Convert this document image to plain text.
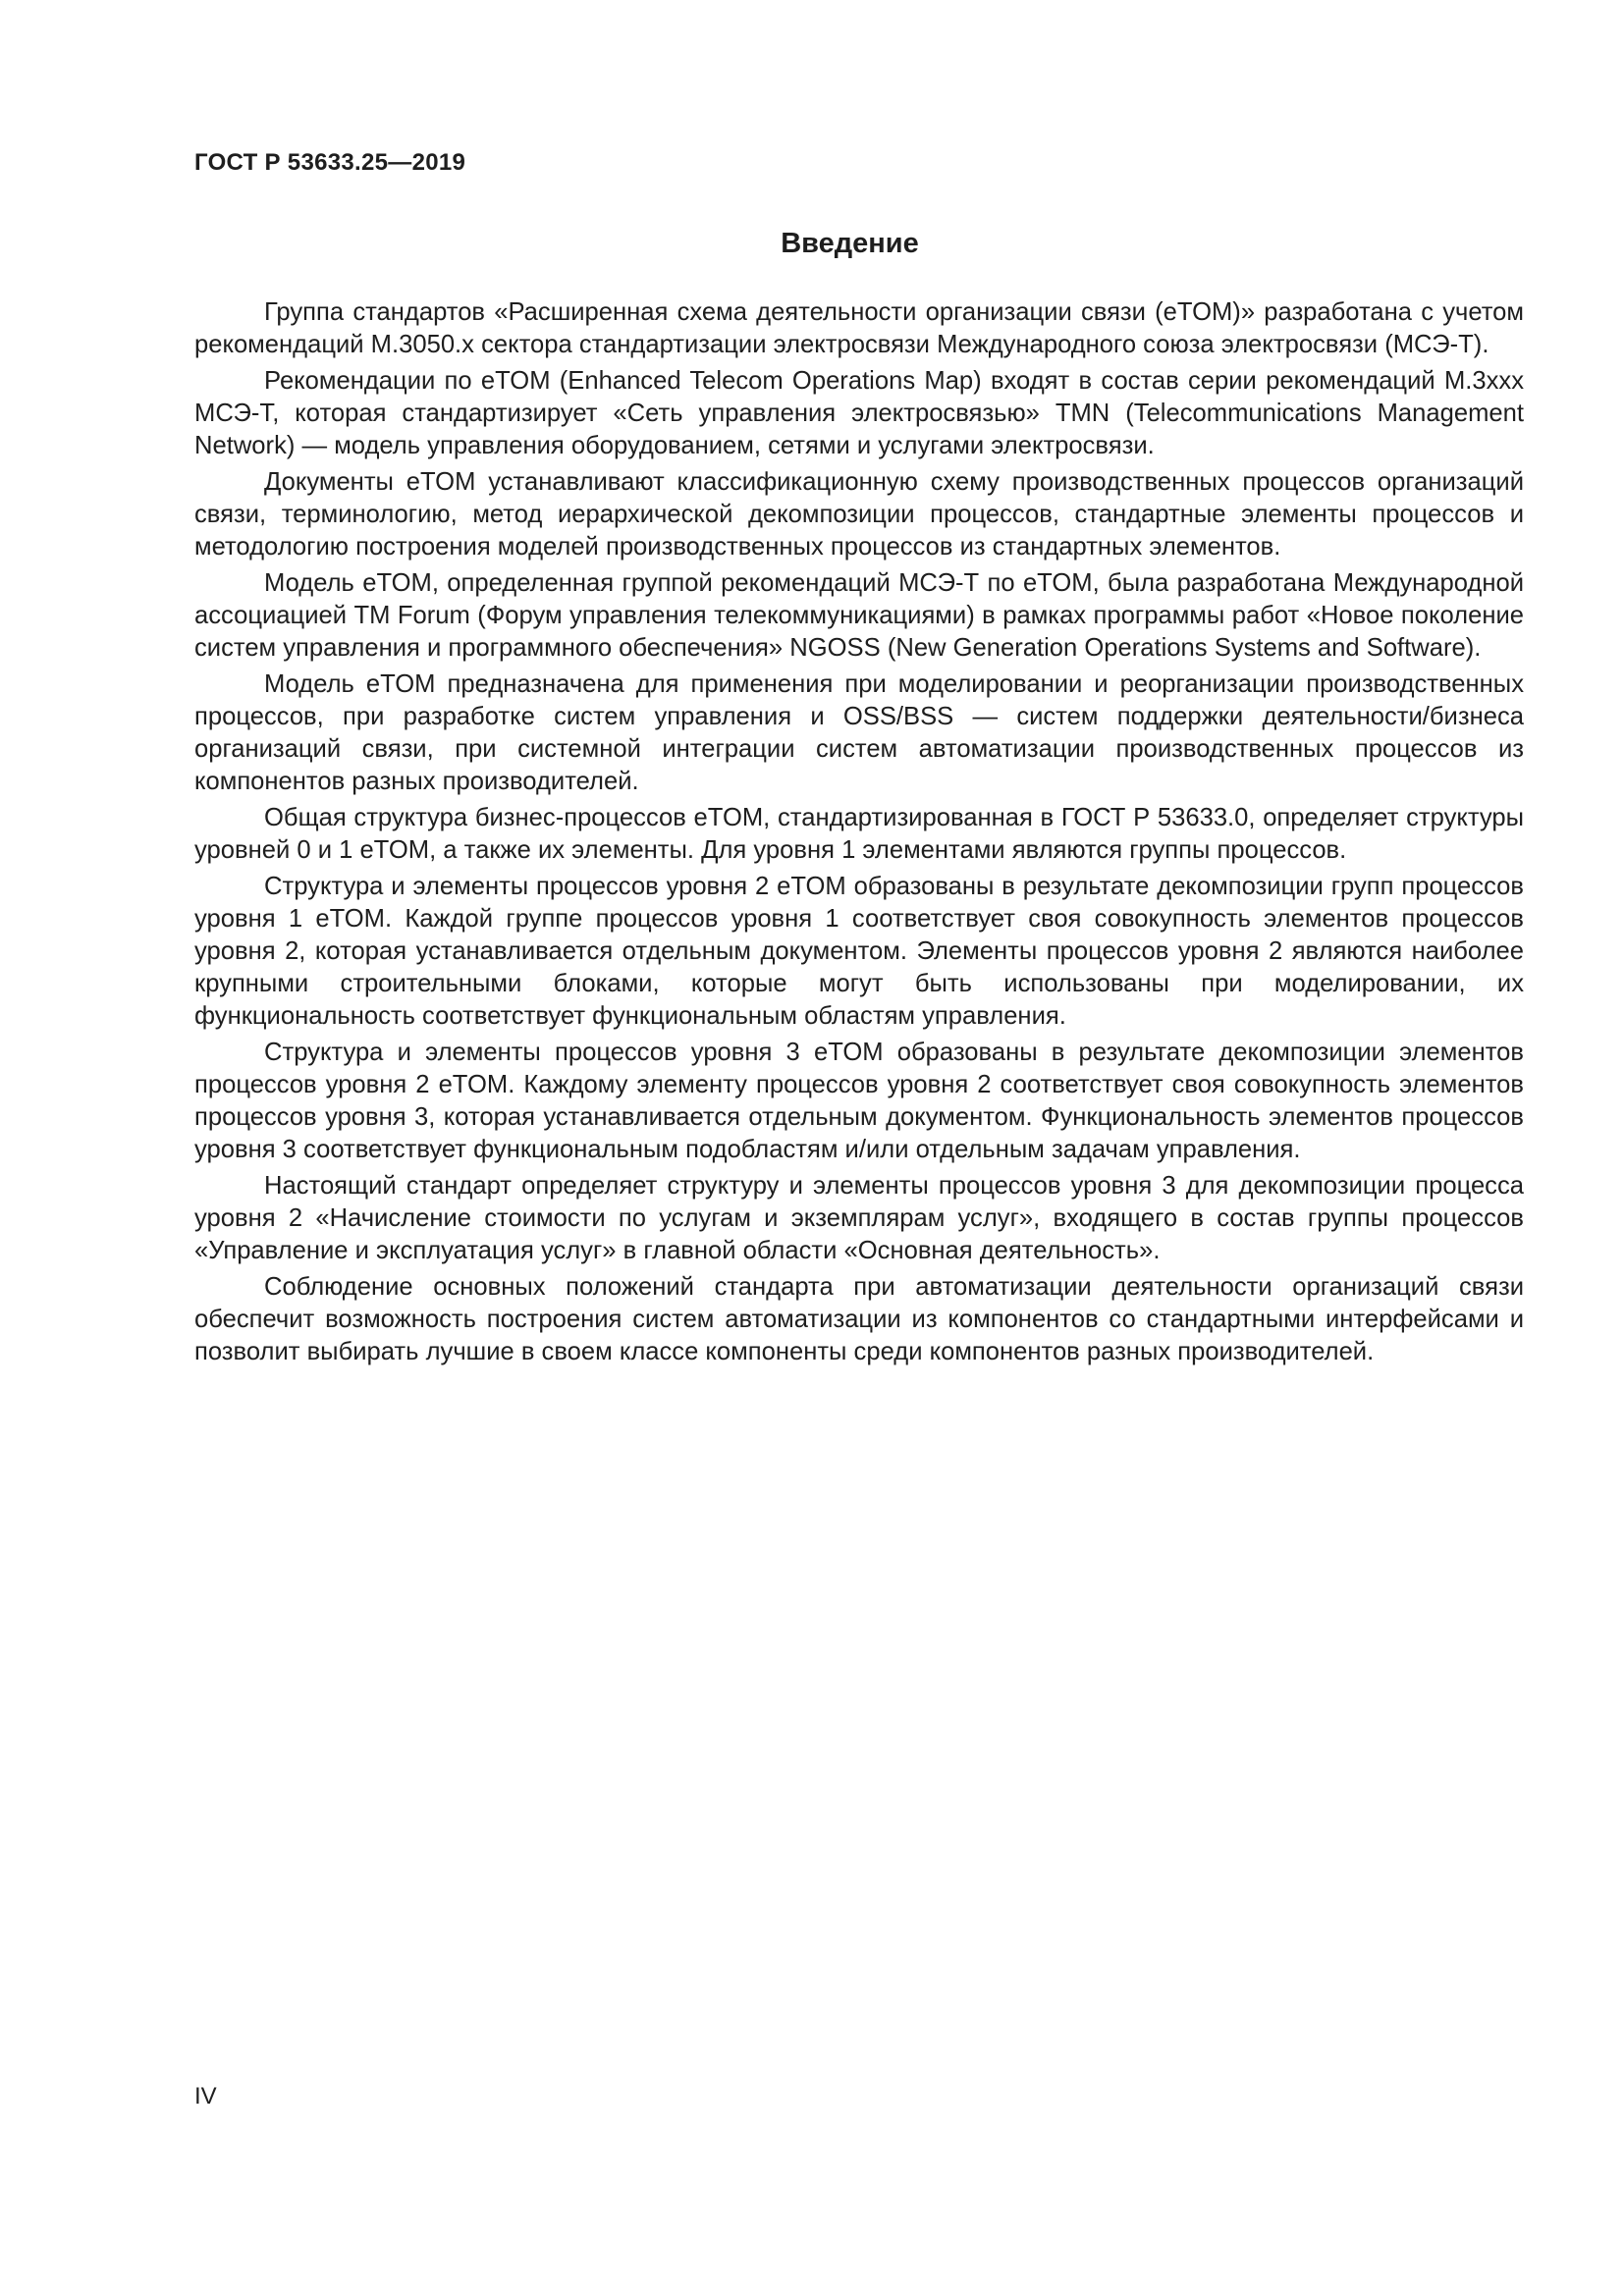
ГОСТ Р 53633.25—2019
Введение

Группа стандартов «Расширенная схема деятельности организации связи (eTOM)» разработана с учетом рекомендаций М.3050.x сектора стандартизации электросвязи Международного союза электросвязи (МСЭ-Т).

Рекомендации по eTOM (Enhanced Telecom Operations Map) входят в состав серии рекомендаций М.3xxx МСЭ-Т, которая стандартизирует «Сеть управления электросвязью» TMN (Telecommunications Management Network) — модель управления оборудованием, сетями и услугами электросвязи.

Документы eTOM устанавливают классификационную схему производственных процессов организаций связи, терминологию, метод иерархической декомпозиции процессов, стандартные элементы процессов и методологию построения моделей производственных процессов из стандартных элементов.

Модель eTOM, определенная группой рекомендаций МСЭ-Т по eTOM, была разработана Международной ассоциацией TM Forum (Форум управления телекоммуникациями) в рамках программы работ «Новое поколение систем управления и программного обеспечения» NGOSS (New Generation Operations Systems and Software).

Модель eTOM предназначена для применения при моделировании и реорганизации производственных процессов, при разработке систем управления и OSS/BSS — систем поддержки деятельности/бизнеса организаций связи, при системной интеграции систем автоматизации производственных процессов из компонентов разных производителей.

Общая структура бизнес-процессов eTOM, стандартизированная в ГОСТ Р 53633.0, определяет структуры уровней 0 и 1 eTOM, а также их элементы. Для уровня 1 элементами являются группы процессов.

Структура и элементы процессов уровня 2 eTOM образованы в результате декомпозиции групп процессов уровня 1 eTOM. Каждой группе процессов уровня 1 соответствует своя совокупность элементов процессов уровня 2, которая устанавливается отдельным документом. Элементы процессов уровня 2 являются наиболее крупными строительными блоками, которые могут быть использованы при моделировании, их функциональность соответствует функциональным областям управления.

Структура и элементы процессов уровня 3 eTOM образованы в результате декомпозиции элементов процессов уровня 2 eTOM. Каждому элементу процессов уровня 2 соответствует своя совокупность элементов процессов уровня 3, которая устанавливается отдельным документом. Функциональность элементов процессов уровня 3 соответствует функциональным подобластям и/или отдельным задачам управления.

Настоящий стандарт определяет структуру и элементы процессов уровня 3 для декомпозиции процесса уровня 2 «Начисление стоимости по услугам и экземплярам услуг», входящего в состав группы процессов «Управление и эксплуатация услуг» в главной области «Основная деятельность».

Соблюдение основных положений стандарта при автоматизации деятельности организаций связи обеспечит возможность построения систем автоматизации из компонентов со стандартными интерфейсами и позволит выбирать лучшие в своем классе компоненты среди компонентов разных производителей.

IV
